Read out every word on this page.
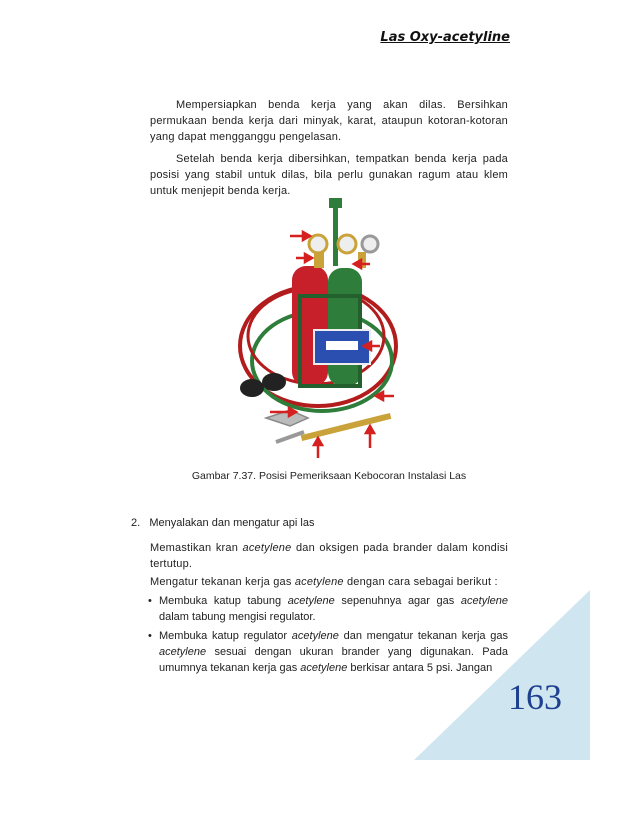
Las Oxy-acetyline

Mempersiapkan benda kerja yang akan dilas. Bersihkan permukaan benda kerja dari minyak, karat, ataupun kotoran-kotoran yang dapat mengganggu pengelasan.

Setelah benda kerja dibersihkan, tempatkan benda kerja pada posisi yang stabil untuk dilas, bila perlu gunakan ragum atau klem untuk menjepit benda kerja.

Gambar 7.37. Posisi Pemeriksaan Kebocoran Instalasi Las
2. Menyalakan dan mengatur api las

Memastikan kran acetylene dan oksigen pada brander dalam kondisi tertutup.

Mengatur tekanan kerja gas acetylene dengan cara sebagai berikut :

• Membuka katup tabung acetylene sepenuhnya agar gas acetylene dalam tabung mengisi regulator.
• Membuka katup regulator acetylene dan mengatur tekanan kerja gas acetylene sesuai dengan ukuran brander yang digunakan. Pada umumnya tekanan kerja gas acetylene berkisar antara 5 psi. Jangan
163
